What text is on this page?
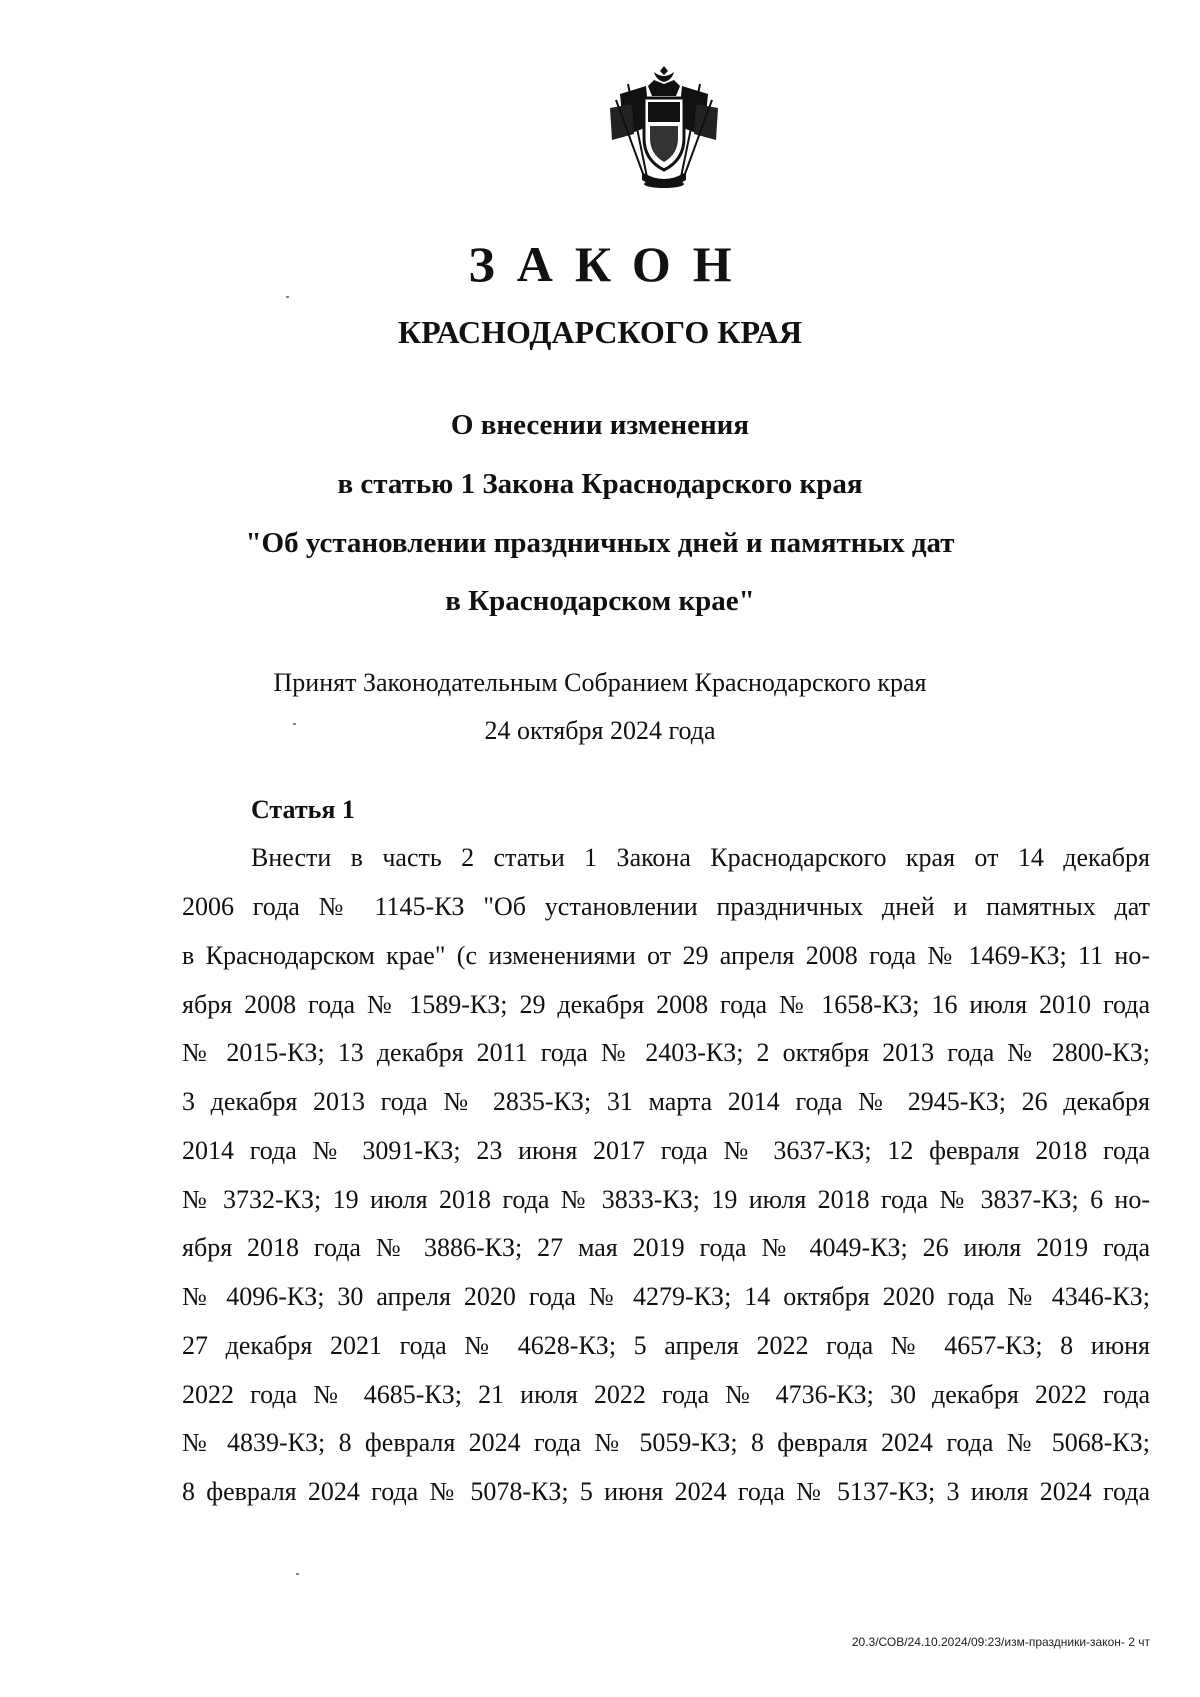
ЗАКОН
КРАСНОДАРСКОГО КРАЯ
О внесении изменения
в статью 1 Закона Краснодарского края
"Об установлении праздничных дней и памятных дат
в Краснодарском крае"
Принят Законодательным Собранием Краснодарского края
24 октября 2024 года
Статья 1
Внести в часть 2 статьи 1 Закона Краснодарского края от 14 декабря
2006 года № 1145-КЗ "Об установлении праздничных дней и памятных дат
в Краснодарском крае" (с изменениями от 29 апреля 2008 года № 1469-КЗ; 11 но-
ября 2008 года № 1589-КЗ; 29 декабря 2008 года № 1658-КЗ; 16 июля 2010 года
№ 2015-КЗ; 13 декабря 2011 года № 2403-КЗ; 2 октября 2013 года № 2800-КЗ;
3 декабря 2013 года № 2835-КЗ; 31 марта 2014 года № 2945-КЗ; 26 декабря
2014 года № 3091-КЗ; 23 июня 2017 года № 3637-КЗ; 12 февраля 2018 года
№ 3732-КЗ; 19 июля 2018 года № 3833-КЗ; 19 июля 2018 года № 3837-КЗ; 6 но-
ября 2018 года № 3886-КЗ; 27 мая 2019 года № 4049-КЗ; 26 июля 2019 года
№ 4096-КЗ; 30 апреля 2020 года № 4279-КЗ; 14 октября 2020 года № 4346-КЗ;
27 декабря 2021 года № 4628-КЗ; 5 апреля 2022 года № 4657-КЗ; 8 июня
2022 года № 4685-КЗ; 21 июля 2022 года № 4736-КЗ; 30 декабря 2022 года
№ 4839-КЗ; 8 февраля 2024 года № 5059-КЗ; 8 февраля 2024 года № 5068-КЗ;
8 февраля 2024 года № 5078-КЗ; 5 июня 2024 года № 5137-КЗ; 3 июля 2024 года
20.3/СОВ/24.10.2024/09:23/изм-праздники-закон- 2 чт
